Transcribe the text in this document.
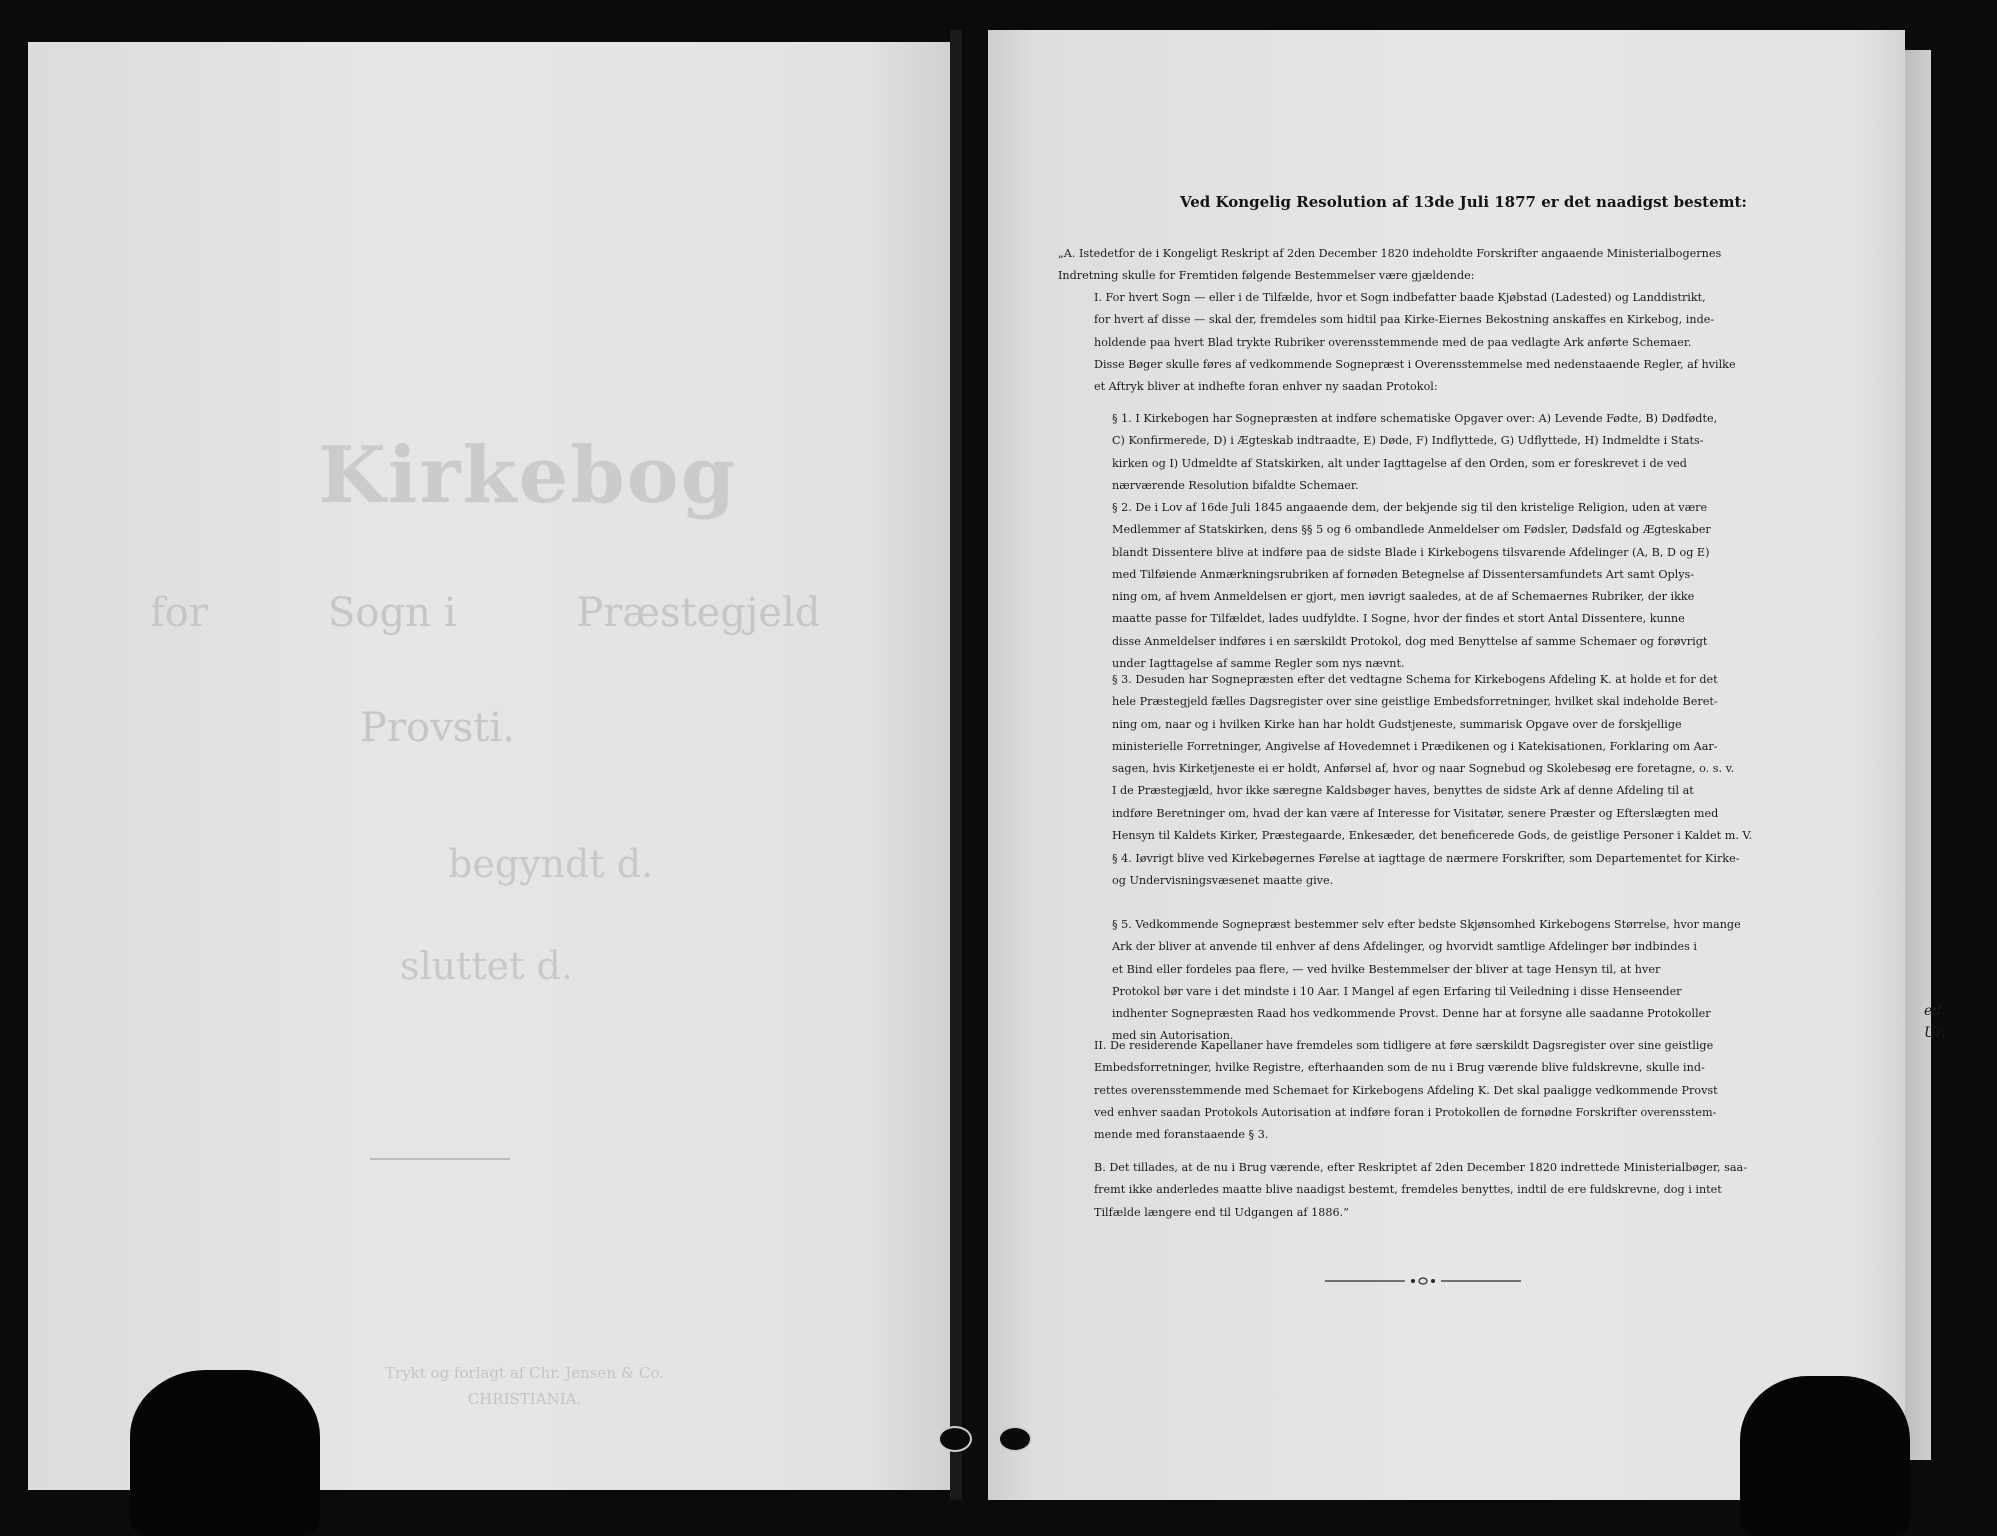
Kirkebog
for	Sogn i	Præstegjeld
Provsti.
begyndt d.
sluttet d.
Trykt og forlagt af Chr. Jensen & Co.
CHRISTIANIA.
Ved Kongelig Resolution af 13de Juli 1877 er det naadigst bestemt:
„A. Istedetfor de i Kongeligt Reskript af 2den December 1820 indeholdte Forskrifter angaaende Ministerialbogernes
Indretning skulle for Fremtiden følgende Bestemmelser være gjældende:
I. For hvert Sogn — eller i de Tilfælde, hvor et Sogn indbefatter baade Kjøbstad (Ladested) og Landdistrikt,
for hvert af disse — skal der, fremdeles som hidtil paa Kirke-Eiernes Bekostning anskaffes en Kirkebog, inde-
holdende paa hvert Blad trykte Rubriker overensstemmende med de paa vedlagte Ark anførte Schemaer.
Disse Bøger skulle føres af vedkommende Sognepræst i Overensstemmelse med nedenstaaende Regler, af hvilke
et Aftryk bliver at indhefte foran enhver ny saadan Protokol:
§ 1. I Kirkebogen har Sognepræsten at indføre schematiske Opgaver over: A) Levende Fødte, B) Dødfødte,
C) Konfirmerede, D) i Ægteskab indtraadte, E) Døde, F) Indflyttede, G) Udflyttede, H) Indmeldte i Stats-
kirken og I) Udmeldte af Statskirken, alt under Iagttagelse af den Orden, som er foreskrevet i de ved
nærværende Resolution bifaldte Schemaer.
§ 2. De i Lov af 16de Juli 1845 angaaende dem, der bekjende sig til den kristelige Religion, uden at være
Medlemmer af Statskirken, dens §§ 5 og 6 ombandlede Anmeldelser om Fødsler, Dødsfald og Ægteskaber
blandt Dissentere blive at indføre paa de sidste Blade i Kirkebogens tilsvarende Afdelinger (A, B, D og E)
med Tilføiende Anmærkningsrubriken af fornøden Betegnelse af Dissentersamfundets Art samt Oplys-
ning om, af hvem Anmeldelsen er gjort, men iøvrigt saaledes, at de af Schemaernes Rubriker, der ikke
maatte passe for Tilfældet, lades uudfyldte. I Sogne, hvor der findes et stort Antal Dissentere, kunne
disse Anmeldelser indføres i en særskildt Protokol, dog med Benyttelse af samme Schemaer og forøvrigt
under Iagttagelse af samme Regler som nys nævnt.
§ 3. Desuden har Sognepræsten efter det vedtagne Schema for Kirkebogens Afdeling K. at holde et for det
hele Præstegjeld fælles Dagsregister over sine geistlige Embedsforretninger, hvilket skal indeholde Beret-
ning om, naar og i hvilken Kirke han har holdt Gudstjeneste, summarisk Opgave over de forskjellige
ministerielle Forretninger, Angivelse af Hovedemnet i Prædikenen og i Katekisationen, Forklaring om Aar-
sagen, hvis Kirketjeneste ei er holdt, Anførsel af, hvor og naar Sognebud og Skolebesøg ere foretagne, o. s. v.
I de Præstegjæld, hvor ikke særegne Kaldsbøger haves, benyttes de sidste Ark af denne Afdeling til at
indføre Beretninger om, hvad der kan være af Interesse for Visitatør, senere Præster og Efterslægten med
Hensyn til Kaldets Kirker, Præstegaarde, Enkesæder, det beneficerede Gods, de geistlige Personer i Kaldet m. V.
§ 4. Iøvrigt blive ved Kirkebøgernes Førelse at iagttage de nærmere Forskrifter, som Departementet for Kirke-
og Undervisningsvæsenet maatte give.
§ 5. Vedkommende Sognepræst bestemmer selv efter bedste Skjønsomhed Kirkebogens Størrelse, hvor mange
Ark der bliver at anvende til enhver af dens Afdelinger, og hvorvidt samtlige Afdelinger bør indbindes i
et Bind eller fordeles paa flere, — ved hvilke Bestemmelser der bliver at tage Hensyn til, at hver
Protokol bør vare i det mindste i 10 Aar. I Mangel af egen Erfaring til Veiledning i disse Henseender
indhenter Sognepræsten Raad hos vedkommende Provst. Denne har at forsyne alle saadanne Protokoller
med sin Autorisation.
II. De residerende Kapellaner have fremdeles som tidligere at føre særskildt Dagsregister over sine geistlige
Embedsforretninger, hvilke Registre, efterhaanden som de nu i Brug værende blive fuldskrevne, skulle ind-
rettes overensstemmende med Schemaet for Kirkebogens Afdeling K. Det skal paaligge vedkommende Provst
ved enhver saadan Protokols Autorisation at indføre foran i Protokollen de fornødne Forskrifter overensstem-
mende med foranstaaende § 3.
B. Det tillades, at de nu i Brug værende, efter Reskriptet af 2den December 1820 indrettede Ministerialbøger, saa-
fremt ikke anderledes maatte blive naadigst bestemt, fremdeles benyttes, indtil de ere fuldskrevne, dog i intet
Tilfælde længere end til Udgangen af 1886.“
ed.
Ur.
